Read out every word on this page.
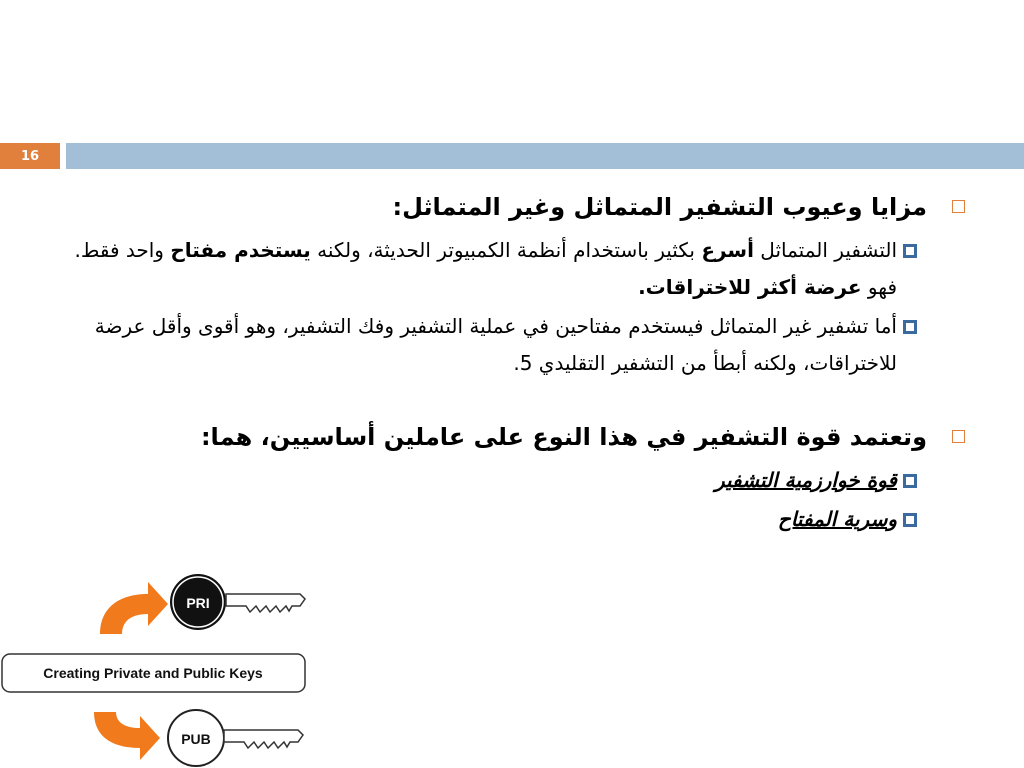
16
مزايا وعيوب التشفير المتماثل وغير المتماثل:
التشفير المتماثل أسرع بكثير باستخدام أنظمة الكمبيوتر الحديثة، ولكنه يستخدم مفتاح واحد فقط. فهو عرضة أكثر للاختراقات.
أما تشفير غير المتماثل فيستخدم مفتاحين في عملية التشفير وفك التشفير، وهو أقوى وأقل عرضة للاختراقات، ولكنه أبطأ من التشفير التقليدي 5.
وتعتمد قوة التشفير في هذا النوع على عاملين أساسيين، هما:
قوة خوارزمية التشفير
وسرية المفتاح
PRI
Creating Private and Public Keys
PUB
